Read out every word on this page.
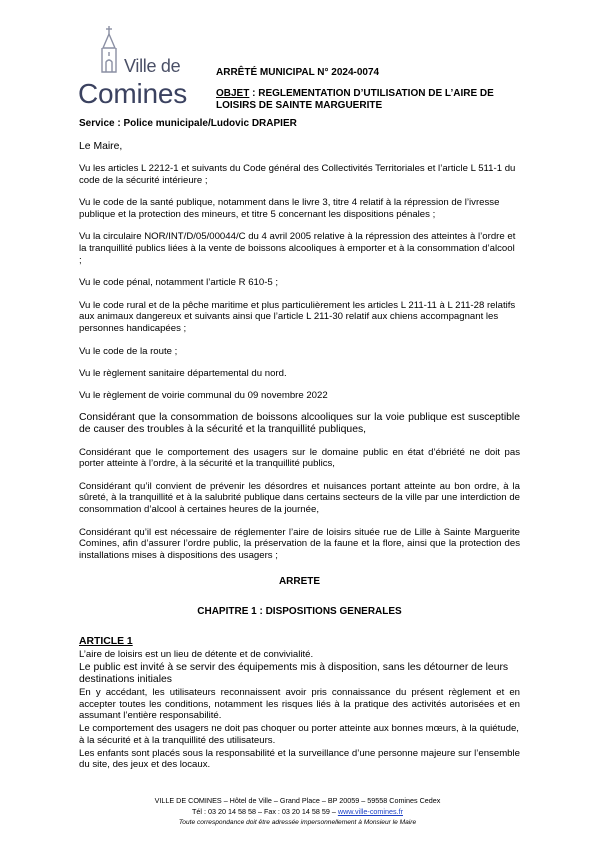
Ville de
Comines
ARRÊTÉ MUNICIPAL N° 2024-0074
OBJET : REGLEMENTATION D’UTILISATION DE L’AIRE DE LOISIRS DE SAINTE MARGUERITE
Service : Police municipale/Ludovic DRAPIER

Le Maire,

Vu les articles L 2212-1 et suivants du Code général des Collectivités Territoriales et l’article L 511-1 du code de la sécurité intérieure ;

Vu le code de la santé publique, notamment dans le livre 3, titre 4 relatif à la répression de l’ivresse publique et la protection des mineurs, et titre 5 concernant les dispositions pénales ;

Vu la circulaire NOR/INT/D/05/00044/C du 4 avril 2005 relative à la répression des atteintes à l’ordre et la tranquillité publics liées à la vente de boissons alcooliques à emporter et à la consommation d’alcool ;

Vu le code pénal, notamment l’article R 610-5 ;

Vu le code rural et de la pêche maritime et plus particulièrement les articles L 211-11 à L 211-28 relatifs aux animaux dangereux et suivants ainsi que l’article L 211-30 relatif aux chiens accompagnant les personnes handicapées ;

Vu le code de la route ;

Vu le règlement sanitaire départemental du nord.

Vu le règlement de voirie communal du 09 novembre 2022

Considérant que la consommation de boissons alcooliques sur la voie publique est susceptible de causer des troubles à la sécurité et la tranquillité publiques,

Considérant que le comportement des usagers sur le domaine public en état d’ébriété ne doit pas porter atteinte à l’ordre, à la sécurité et la tranquillité publics,

Considérant qu’il convient de prévenir les désordres et nuisances portant atteinte au bon ordre, à la sûreté, à la tranquillité et à la salubrité publique dans certains secteurs de la ville par une interdiction de consommation d’alcool à certaines heures de la journée,

Considérant qu’il est nécessaire de réglementer l’aire de loisirs située rue de Lille à Sainte Marguerite Comines, afin d’assurer l’ordre public, la préservation de la faune et la flore, ainsi que la protection des installations mises à dispositions des usagers ;

ARRETE
CHAPITRE 1 : DISPOSITIONS GENERALES

ARTICLE 1

L’aire de loisirs est un lieu de détente et de convivialité.

Le public est invité à se servir des équipements mis à disposition, sans les détourner de leurs destinations initiales

En y accédant, les utilisateurs reconnaissent avoir pris connaissance du présent règlement et en accepter toutes les conditions, notamment les risques liés à la pratique des activités autorisées et en assumant l’entière responsabilité.

Le comportement des usagers ne doit pas choquer ou porter atteinte aux bonnes mœurs, à la quiétude, à la sécurité et à la tranquillité des utilisateurs.

Les enfants sont placés sous la responsabilité et la surveillance d’une personne majeure sur l’ensemble du site, des jeux et des locaux.

VILLE DE COMINES – Hôtel de Ville – Grand Place – BP 20059 – 59558 Comines Cedex
Tél : 03 20 14 58 58 – Fax : 03 20 14 58 59 – www.ville-comines.fr
Toute correspondance doit être adressée impersonnellement à Monsieur le Maire
